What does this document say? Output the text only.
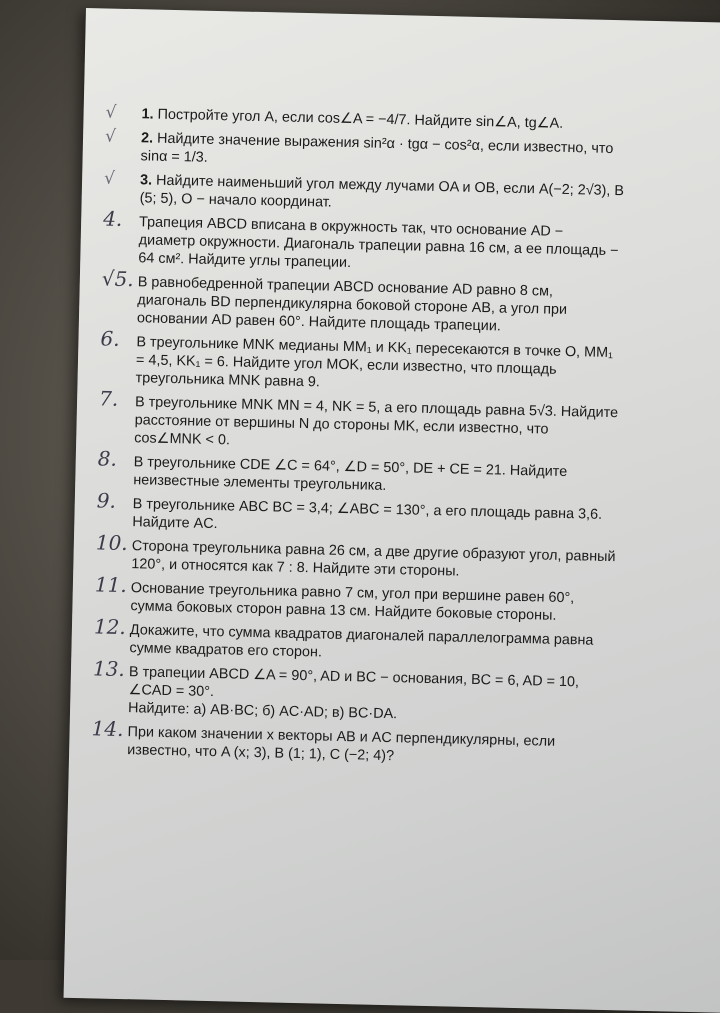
√	1. Постройте угол A, если cos∠A = −4/7. Найдите sin∠A, tg∠A.
√	2. Найдите значение выражения sin²α · tgα − cos²α, если известно, что sinα = 1/3.
√	3. Найдите наименьший угол между лучами OA и OB, если A(−2; 2√3), B (5; 5), O − начало координат.
4.	Трапеция ABCD вписана в окружность так, что основание AD − диаметр окружности. Диагональ трапеции равна 16 см, а ее площадь − 64 см². Найдите углы трапеции.
√5. В равнобедренной трапеции ABCD основание AD равно 8 см, диагональ BD перпендикулярна боковой стороне AB, а угол при основании AD равен 60°. Найдите площадь трапеции.
6.	В треугольнике MNK медианы MM₁ и KK₁ пересекаются в точке O, MM₁ = 4,5, KK₁ = 6. Найдите угол MOK, если известно, что площадь треугольника MNK равна 9.
7.	В треугольнике MNK MN = 4, NK = 5, а его площадь равна 5√3. Найдите расстояние от вершины N до стороны MK, если известно, что cos∠MNK < 0.
8.	В треугольнике CDE ∠C = 64°, ∠D = 50°, DE + CE = 21. Найдите неизвестные элементы треугольника.
9.	В треугольнике ABC BC = 3,4; ∠ABC = 130°, а его площадь равна 3,6. Найдите AC.
10. Сторона треугольника равна 26 см, а две другие образуют угол, равный 120°, и относятся как 7 : 8. Найдите эти стороны.
11. Основание треугольника равно 7 см, угол при вершине равен 60°, сумма боковых сторон равна 13 см. Найдите боковые стороны.
12. Докажите, что сумма квадратов диагоналей параллелограмма равна сумме квадратов его сторон.
13. В трапеции ABCD ∠A = 90°, AD и BC − основания, BC = 6, AD = 10, ∠CAD = 30°.
Найдите: а) AB·BC; б) AC·AD; в) BC·DA.
14. При каком значении x векторы AB и AC перпендикулярны, если известно, что A (x; 3), B (1; 1), C (−2; 4)?
